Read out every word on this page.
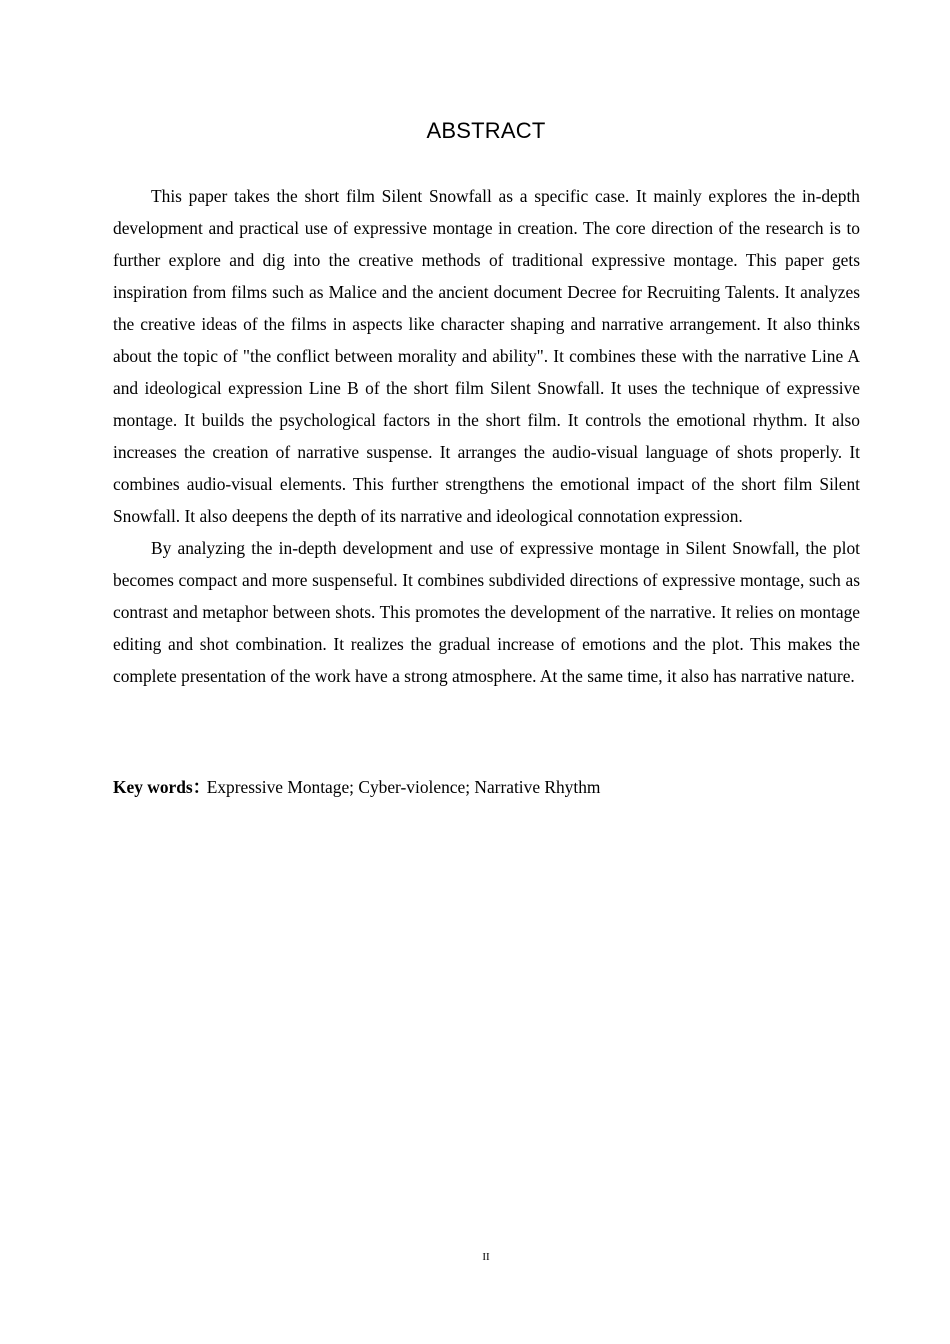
ABSTRACT

This paper takes the short film Silent Snowfall as a specific case. It mainly explores the in-depth development and practical use of expressive montage in creation. The core direction of the research is to further explore and dig into the creative methods of traditional expressive montage. This paper gets inspiration from films such as Malice and the ancient document Decree for Recruiting Talents. It analyzes the creative ideas of the films in aspects like character shaping and narrative arrangement. It also thinks about the topic of "the conflict between morality and ability". It combines these with the narrative Line A and ideological expression Line B of the short film Silent Snowfall. It uses the technique of expressive montage. It builds the psychological factors in the short film. It controls the emotional rhythm. It also increases the creation of narrative suspense. It arranges the audio-visual language of shots properly. It combines audio-visual elements. This further strengthens the emotional impact of the short film Silent Snowfall. It also deepens the depth of its narrative and ideological connotation expression.

By analyzing the in-depth development and use of expressive montage in Silent Snowfall, the plot becomes compact and more suspenseful. It combines subdivided directions of expressive montage, such as contrast and metaphor between shots. This promotes the development of the narrative. It relies on montage editing and shot combination. It realizes the gradual increase of emotions and the plot. This makes the complete presentation of the work have a strong atmosphere. At the same time, it also has narrative nature.

Key words：Expressive Montage; Cyber-violence; Narrative Rhythm
II
